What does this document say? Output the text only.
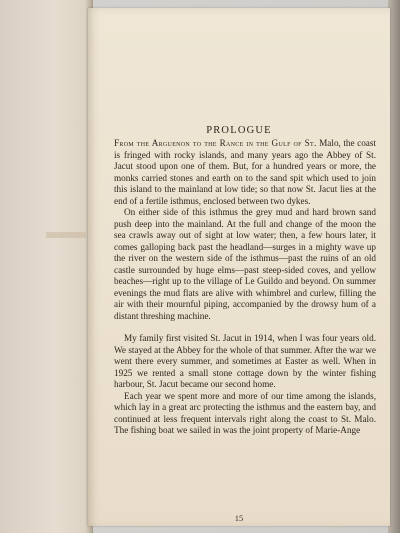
PROLOGUE

From the Arguenon to the Rance in the Gulf of St. Malo, the coast is fringed with rocky islands, and many years ago the Abbey of St. Jacut stood upon one of them. But, for a hundred years or more, the monks carried stones and earth on to the sand spit which used to join this island to the mainland at low tide; so that now St. Jacut lies at the end of a fertile isthmus, enclosed between two dykes.

On either side of this isthmus the grey mud and hard brown sand push deep into the mainland. At the full and change of the moon the sea crawls away out of sight at low water; then, a few hours later, it comes galloping back past the headland—surges in a mighty wave up the river on the western side of the isthmus—past the ruins of an old castle surrounded by huge elms—past steep-sided coves, and yellow beaches—right up to the village of Le Guildo and beyond. On summer evenings the mud flats are alive with whimbrel and curlew, filling the air with their mournful piping, accompanied by the drowsy hum of a distant threshing machine.

My family first visited St. Jacut in 1914, when I was four years old. We stayed at the Abbey for the whole of that summer. After the war we went there every summer, and sometimes at Easter as well. When in 1925 we rented a small stone cottage down by the winter fishing harbour, St. Jacut became our second home.

Each year we spent more and more of our time among the islands, which lay in a great arc protecting the isthmus and the eastern bay, and continued at less frequent intervals right along the coast to St. Malo. The fishing boat we sailed in was the joint property of Marie-Ange

15
